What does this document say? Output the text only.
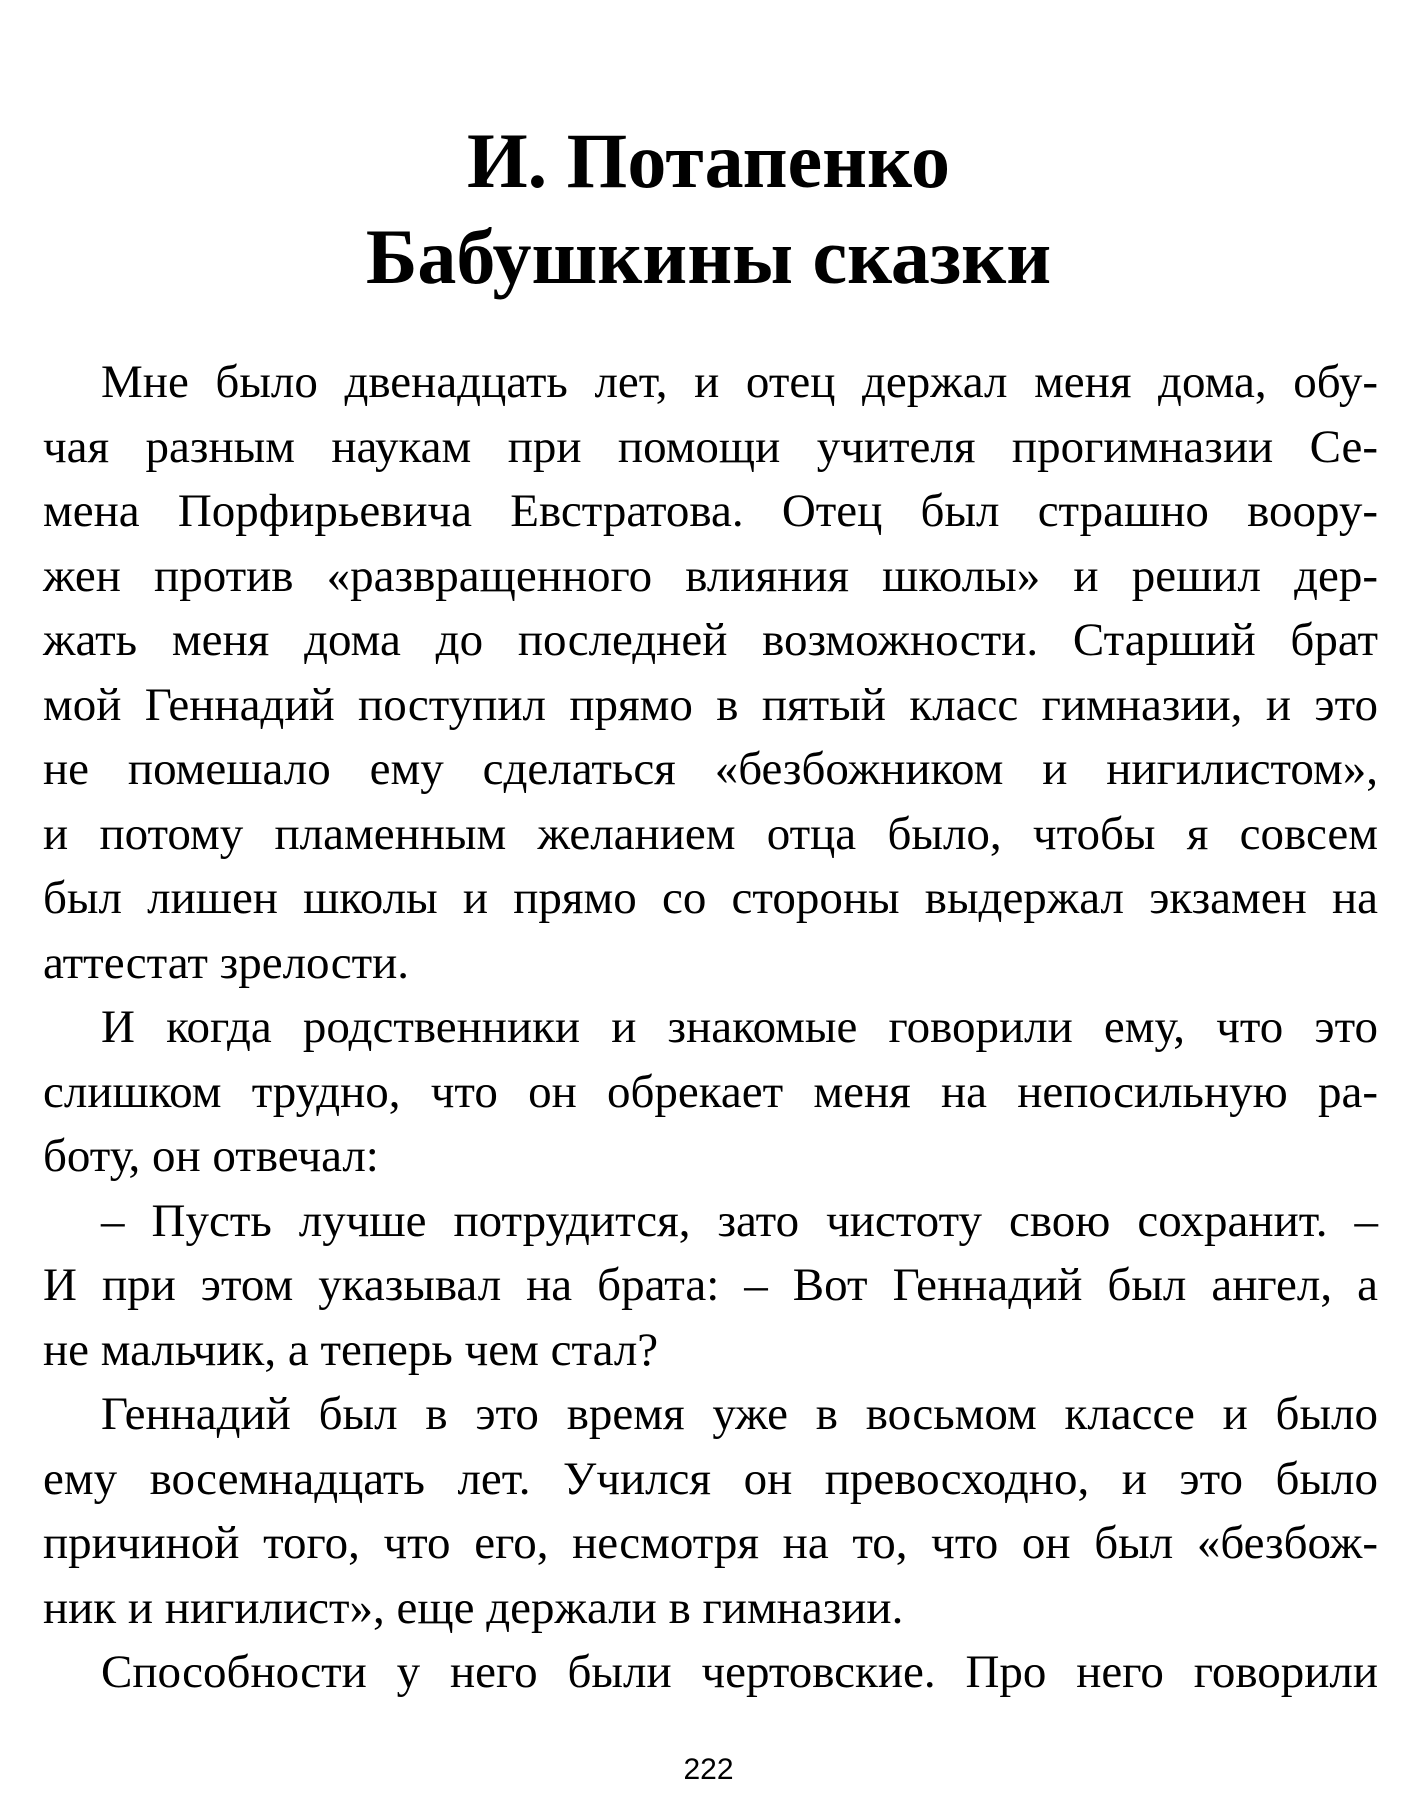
И. Потапенко
Бабушкины сказки
Мне было двенадцать лет, и отец держал меня дома, обу-
чая разным наукам при помощи учителя прогимназии Се-
мена Порфирьевича Евстратова. Отец был страшно воору-
жен против «развращенного влияния школы» и решил дер-
жать меня дома до последней возможности. Старший брат
мой Геннадий поступил прямо в пятый класс гимназии, и это
не помешало ему сделаться «безбожником и нигилистом»,
и потому пламенным желанием отца было, чтобы я совсем
был лишен школы и прямо со стороны выдержал экзамен на
аттестат зрелости.
И когда родственники и знакомые говорили ему, что это
слишком трудно, что он обрекает меня на непосильную ра-
боту, он отвечал:
– Пусть лучше потрудится, зато чистоту свою сохранит. –
И при этом указывал на брата: – Вот Геннадий был ангел, а
не мальчик, а теперь чем стал?
Геннадий был в это время уже в восьмом классе и было
ему восемнадцать лет. Учился он превосходно, и это было
причиной того, что его, несмотря на то, что он был «безбож-
ник и нигилист», еще держали в гимназии.
Способности у него были чертовские. Про него говорили
222
